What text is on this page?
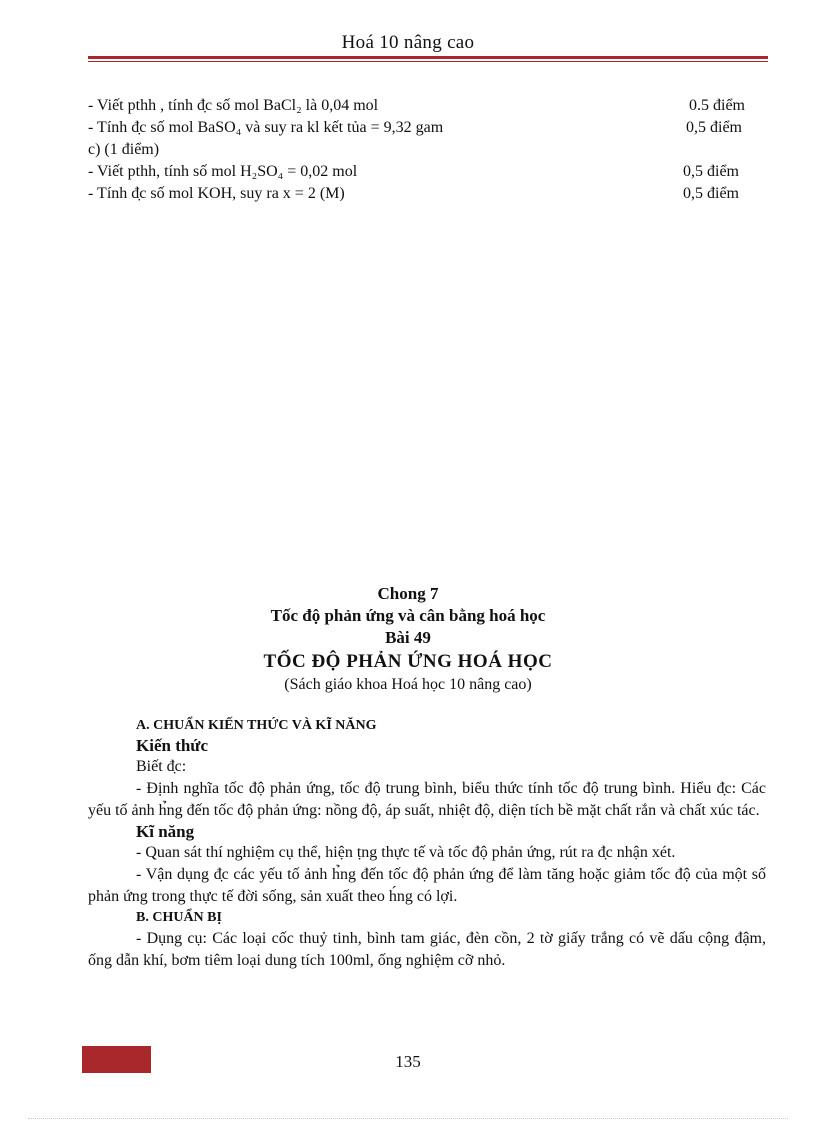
Hoá 10 nâng cao
- Viết pthh , tính đ̣c số mol BaCl₂ là 0,04 mol	0.5 điểm
- Tính đ̣c số mol BaSO₄ và suy ra kl kết tủa = 9,32 gam	0,5 điểm
c) (1 điểm)
- Viết pthh, tính số mol H₂SO₄ = 0,02 mol	0,5 điểm
- Tính đ̣c số mol KOH, suy ra x = 2 (M)	0,5 điểm
Chong 7
Tốc độ phản ứng và cân bằng hoá học
Bài 49
TỐC ĐỘ PHẢN ỨNG HOÁ HỌC
(Sách giáo khoa Hoá học 10 nâng cao)

A. CHUẨN KIẾN THỨC VÀ KĨ NĂNG

Kiến thức

Biết đ̣c:

- Định nghĩa tốc độ phản ứng, tốc độ trung bình, biểu thức tính tốc độ trung bình. Hiểu đ̣c: Các yếu tố ảnh h̉ng đến tốc độ phản ứng: nồng độ, áp suất, nhiệt độ, diện tích bề mặt chất rắn và chất xúc tác.

Kĩ năng

- Quan sát thí nghiệm cụ thể, hiện ṭng thực tế và tốc độ phản ứng, rút ra đ̣c nhận xét.

- Vận dụng đ̣c các yếu tố ảnh h̉ng đến tốc độ phản ứng để làm tăng hoặc giảm tốc độ của một số phản ứng trong thực tế đời sống, sản xuất theo h́ng có lợi.

B. CHUẨN BỊ

- Dụng cụ: Các loại cốc thuỷ tinh, bình tam giác, đèn cồn, 2 tờ giấy trắng có vẽ dấu cộng đậm, ống dẫn khí, bơm tiêm loại dung tích 100ml, ống nghiệm cỡ nhỏ.

135
